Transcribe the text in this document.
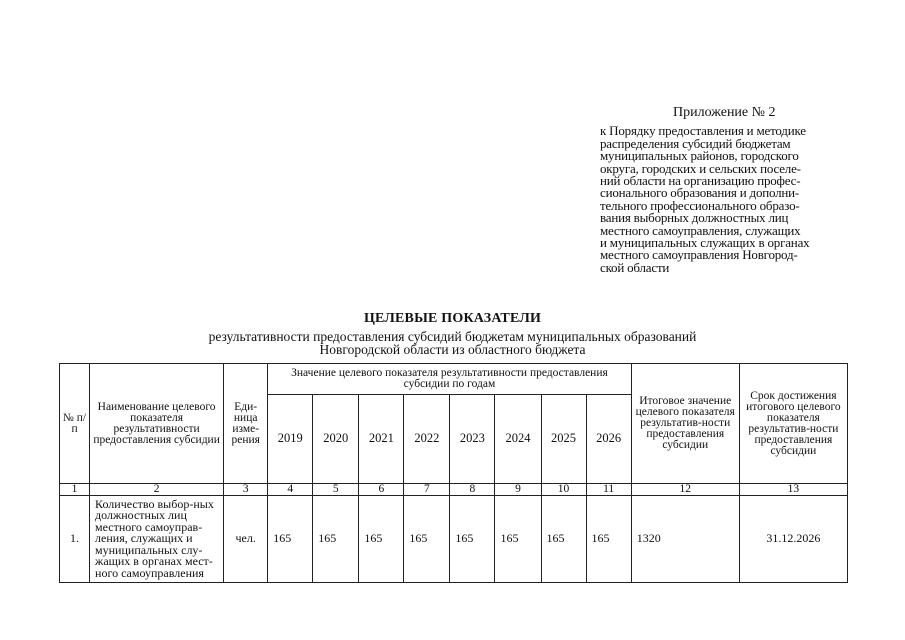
Приложение № 2
к Порядку предоставления и методике
распределения субсидий бюджетам
муниципальных районов, городского
округа, городских и сельских поселе-
ний области на организацию профес-
сионального образования и дополни-
тельного профессионального образо-
вания выборных должностных лиц
местного самоуправления, служащих
и муниципальных служащих в органах
местного самоуправления Новгород-
ской области
ЦЕЛЕВЫЕ ПОКАЗАТЕЛИ
результативности предоставления субсидий бюджетам муниципальных образований
Новгородской области из областного бюджета
№ п/п	Наименование целевого показателя результативности предоставления субсидии	Еди-ница изме-рения	Значение целевого показателя результативности предоставления субсидии по годам								Итоговое значение целевого показателя результатив-ности предоставления субсидии	Срок достижения итогового целевого показателя результатив-ности предоставления субсидии
			2019	2020	2021	2022	2023	2024	2025	2026		
1	2	3	4	5	6	7	8	9	10	11	12	13
1.	Количество выбор-ных должностных лиц местного самоуправ-ления, служащих и муниципальных слу-жащих в органах мест-ного самоуправления	чел.	165	165	165	165	165	165	165	165	1320	31.12.2026
